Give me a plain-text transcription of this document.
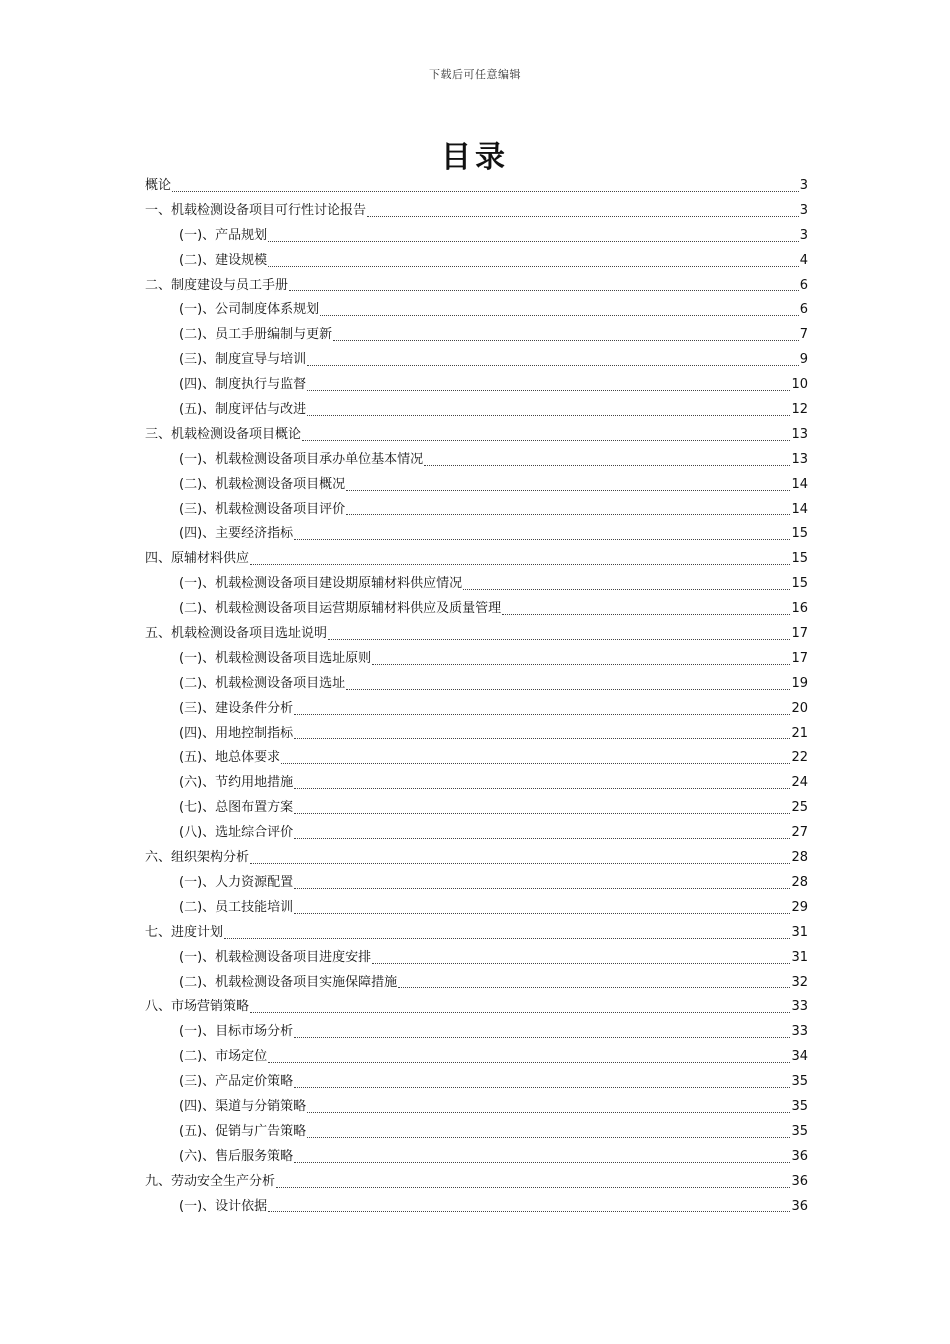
下载后可任意编辑
目录
概论	3
一、机载检测设备项目可行性讨论报告	3
(一)、产品规划	3
(二)、建设规模	4
二、制度建设与员工手册	6
(一)、公司制度体系规划	6
(二)、员工手册编制与更新	7
(三)、制度宣导与培训	9
(四)、制度执行与监督	10
(五)、制度评估与改进	12
三、机载检测设备项目概论	13
(一)、机载检测设备项目承办单位基本情况	13
(二)、机载检测设备项目概况	14
(三)、机载检测设备项目评价	14
(四)、主要经济指标	15
四、原辅材料供应	15
(一)、机载检测设备项目建设期原辅材料供应情况	15
(二)、机载检测设备项目运营期原辅材料供应及质量管理	16
五、机载检测设备项目选址说明	17
(一)、机载检测设备项目选址原则	17
(二)、机载检测设备项目选址	19
(三)、建设条件分析	20
(四)、用地控制指标	21
(五)、地总体要求	22
(六)、节约用地措施	24
(七)、总图布置方案	25
(八)、选址综合评价	27
六、组织架构分析	28
(一)、人力资源配置	28
(二)、员工技能培训	29
七、进度计划	31
(一)、机载检测设备项目进度安排	31
(二)、机载检测设备项目实施保障措施	32
八、市场营销策略	33
(一)、目标市场分析	33
(二)、市场定位	34
(三)、产品定价策略	35
(四)、渠道与分销策略	35
(五)、促销与广告策略	35
(六)、售后服务策略	36
九、劳动安全生产分析	36
(一)、设计依据	36
